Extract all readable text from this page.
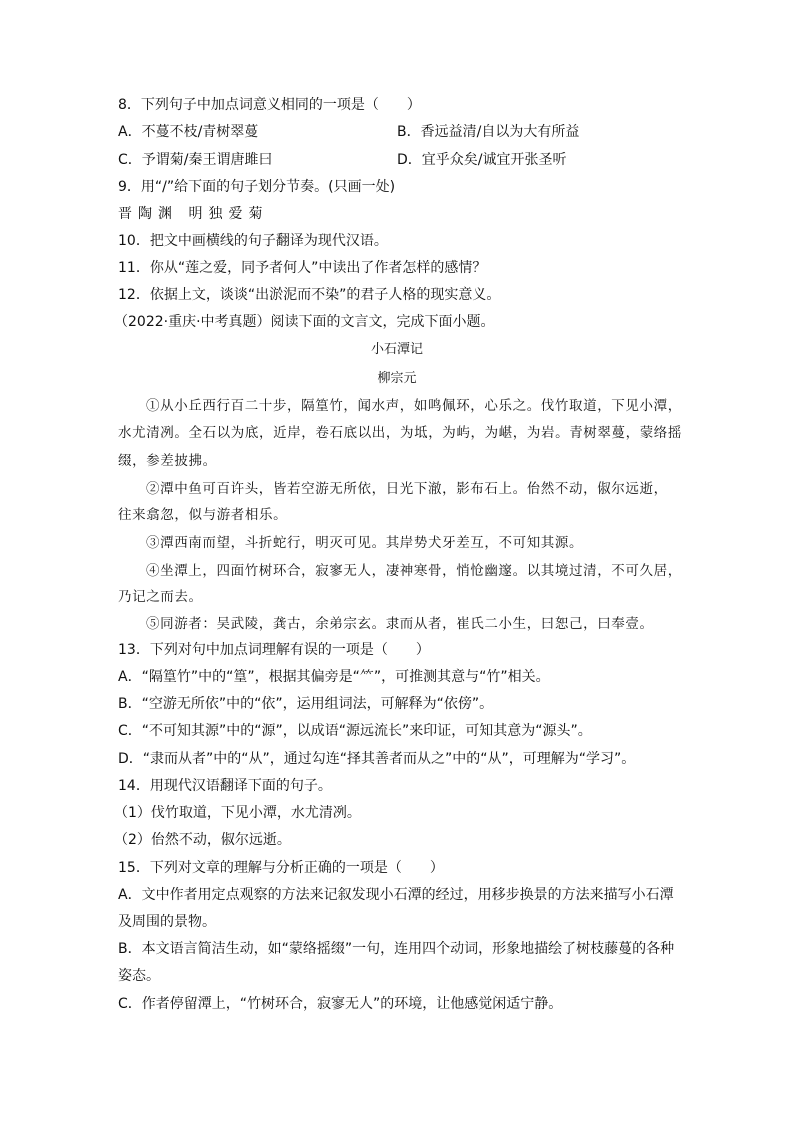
8．下列句子中加点词意义相同的一项是（　　）
A．不蔓不枝/青树翠蔓	B．香远益清/自以为大有所益
C．予谓菊/秦王谓唐雎曰	D．宜乎众矣/诚宜开张圣听
9．用“/”给下面的句子划分节奏。(只画一处)
晋陶渊 明独爱菊
10．把文中画横线的句子翻译为现代汉语。
11．你从“莲之爱，同予者何人”中读出了作者怎样的感情？
12．依据上文，谈谈“出淤泥而不染”的君子人格的现实意义。
（2022·重庆·中考真题）阅读下面的文言文，完成下面小题。
小石潭记
柳宗元
①从小丘西行百二十步，隔篁竹，闻水声，如鸣佩环，心乐之。伐竹取道，下见小潭，
水尤清冽。全石以为底，近岸，卷石底以出，为坻，为屿，为嵁，为岩。青树翠蔓，蒙络摇
缀，参差披拂。
②潭中鱼可百许头，皆若空游无所依，日光下澈，影布石上。佁然不动，俶尔远逝，
往来翕忽，似与游者相乐。
③潭西南而望，斗折蛇行，明灭可见。其岸势犬牙差互，不可知其源。
④坐潭上，四面竹树环合，寂寥无人，凄神寒骨，悄怆幽邃。以其境过清，不可久居，
乃记之而去。
⑤同游者：吴武陵，龚古，余弟宗玄。隶而从者，崔氏二小生，曰恕己，曰奉壹。
13．下列对句中加点词理解有误的一项是（　　）
A．“隔篁竹”中的“篁”，根据其偏旁是“⺮”，可推测其意与“竹”相关。
B．“空游无所依”中的“依”，运用组词法，可解释为“依傍”。
C．“不可知其源”中的“源”，以成语“源远流长”来印证，可知其意为“源头”。
D．“隶而从者”中的“从”，通过勾连“择其善者而从之”中的“从”，可理解为“学习”。
14．用现代汉语翻译下面的句子。
（1）伐竹取道，下见小潭，水尤清冽。
（2）佁然不动，俶尔远逝。
15．下列对文章的理解与分析正确的一项是（　　）
A．文中作者用定点观察的方法来记叙发现小石潭的经过，用移步换景的方法来描写小石潭
及周围的景物。
B．本文语言简洁生动，如“蒙络摇缀”一句，连用四个动词，形象地描绘了树枝藤蔓的各种
姿态。
C．作者停留潭上，“竹树环合，寂寥无人”的环境，让他感觉闲适宁静。
